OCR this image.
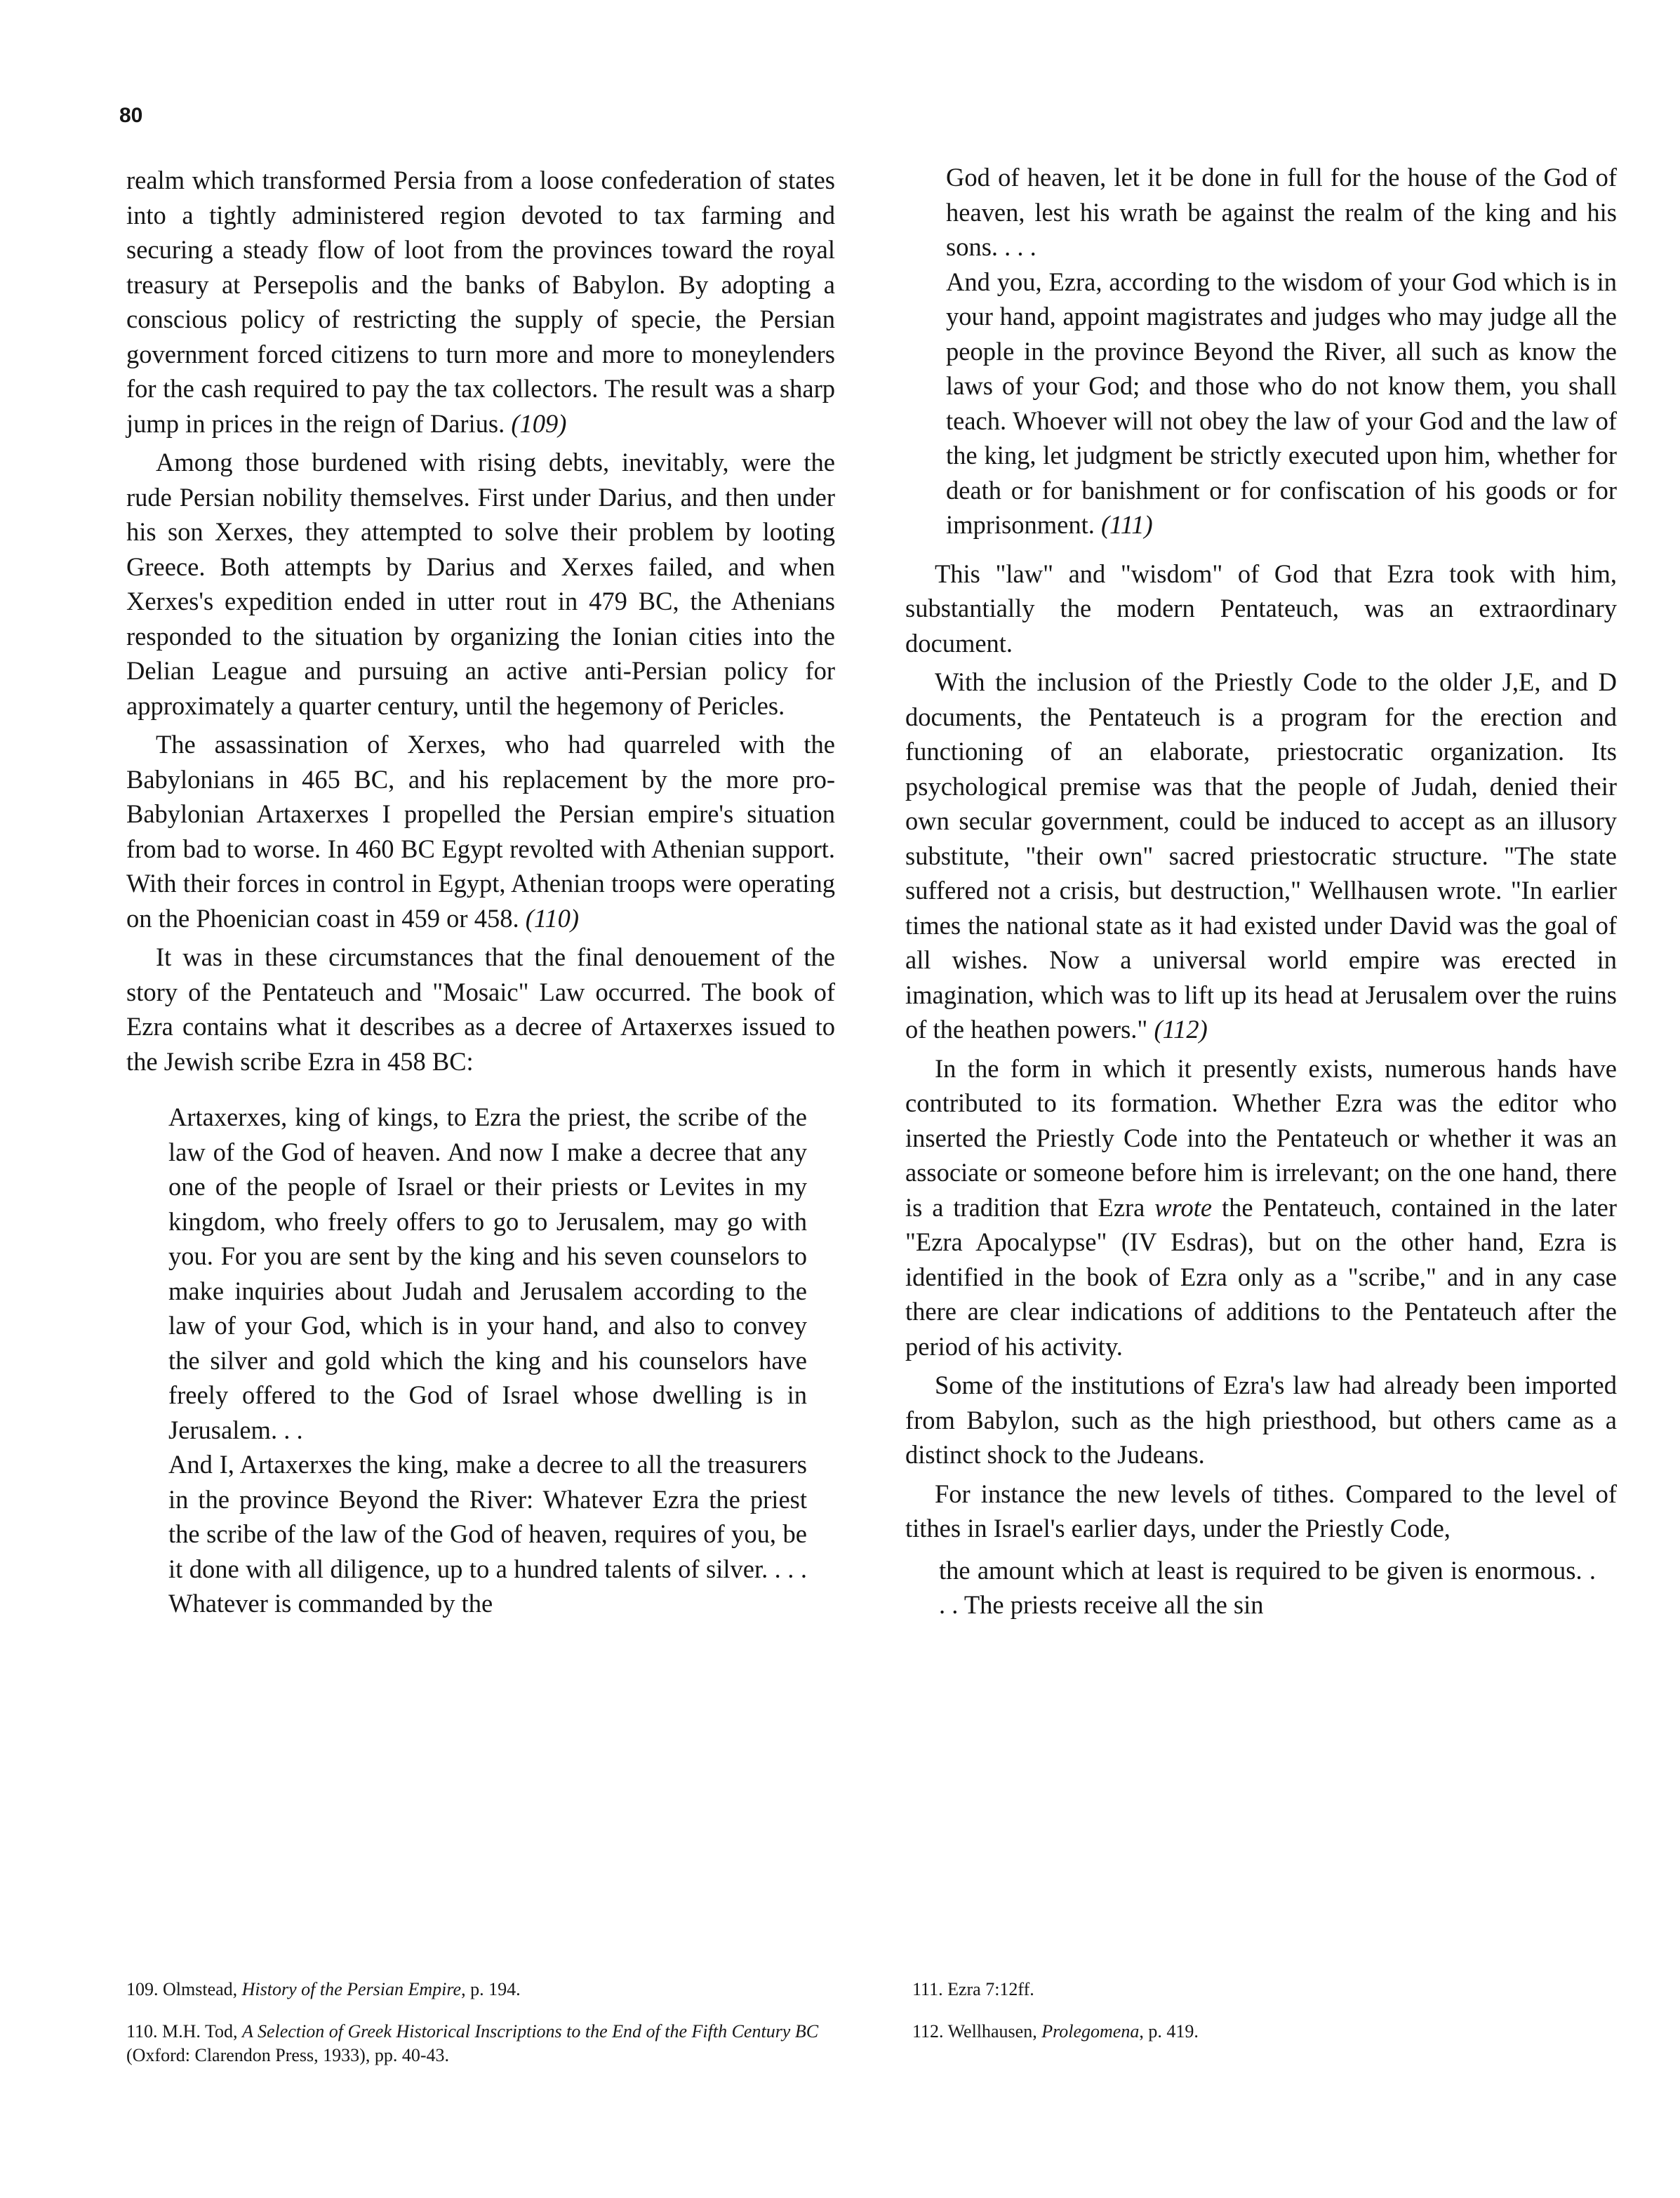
80

realm which transformed Persia from a loose confederation of states into a tightly administered region devoted to tax farming and securing a steady flow of loot from the provinces toward the royal treasury at Persepolis and the banks of Babylon. By adopting a conscious policy of restricting the supply of specie, the Persian government forced citizens to turn more and more to moneylenders for the cash required to pay the tax collectors. The result was a sharp jump in prices in the reign of Darius. (109)

Among those burdened with rising debts, inevitably, were the rude Persian nobility themselves. First under Darius, and then under his son Xerxes, they attempted to solve their problem by looting Greece. Both attempts by Darius and Xerxes failed, and when Xerxes's expedition ended in utter rout in 479 BC, the Athenians responded to the situation by organizing the Ionian cities into the Delian League and pursuing an active anti-Persian policy for approximately a quarter century, until the hegemony of Pericles.

The assassination of Xerxes, who had quarreled with the Babylonians in 465 BC, and his replacement by the more pro-Babylonian Artaxerxes I propelled the Persian empire's situation from bad to worse. In 460 BC Egypt revolted with Athenian support. With their forces in control in Egypt, Athenian troops were operating on the Phoenician coast in 459 or 458. (110)

It was in these circumstances that the final denouement of the story of the Pentateuch and "Mosaic" Law occurred. The book of Ezra contains what it describes as a decree of Artaxerxes issued to the Jewish scribe Ezra in 458 BC:

Artaxerxes, king of kings, to Ezra the priest, the scribe of the law of the God of heaven. And now I make a decree that any one of the people of Israel or their priests or Levites in my kingdom, who freely offers to go to Jerusalem, may go with you. For you are sent by the king and his seven counselors to make inquiries about Judah and Jerusalem according to the law of your God, which is in your hand, and also to convey the silver and gold which the king and his counselors have freely offered to the God of Israel whose dwelling is in Jerusalem. . .

And I, Artaxerxes the king, make a decree to all the treasurers in the province Beyond the River: Whatever Ezra the priest the scribe of the law of the God of heaven, requires of you, be it done with all diligence, up to a hundred talents of silver. . . . Whatever is commanded by the

God of heaven, let it be done in full for the house of the God of heaven, lest his wrath be against the realm of the king and his sons. . . .

And you, Ezra, according to the wisdom of your God which is in your hand, appoint magistrates and judges who may judge all the people in the province Beyond the River, all such as know the laws of your God; and those who do not know them, you shall teach. Whoever will not obey the law of your God and the law of the king, let judgment be strictly executed upon him, whether for death or for banishment or for confiscation of his goods or for imprisonment. (111)

This "law" and "wisdom" of God that Ezra took with him, substantially the modern Pentateuch, was an extraordinary document.

With the inclusion of the Priestly Code to the older J,E, and D documents, the Pentateuch is a program for the erection and functioning of an elaborate, priestocratic organization. Its psychological premise was that the people of Judah, denied their own secular government, could be induced to accept as an illusory substitute, "their own" sacred priestocratic structure. "The state suffered not a crisis, but destruction," Wellhausen wrote. "In earlier times the national state as it had existed under David was the goal of all wishes. Now a universal world empire was erected in imagination, which was to lift up its head at Jerusalem over the ruins of the heathen powers." (112)

In the form in which it presently exists, numerous hands have contributed to its formation. Whether Ezra was the editor who inserted the Priestly Code into the Pentateuch or whether it was an associate or someone before him is irrelevant; on the one hand, there is a tradition that Ezra wrote the Pentateuch, contained in the later "Ezra Apocalypse" (IV Esdras), but on the other hand, Ezra is identified in the book of Ezra only as a "scribe," and in any case there are clear indications of additions to the Pentateuch after the period of his activity.

Some of the institutions of Ezra's law had already been imported from Babylon, such as the high priesthood, but others came as a distinct shock to the Judeans.

For instance the new levels of tithes. Compared to the level of tithes in Israel's earlier days, under the Priestly Code,

the amount which at least is required to be given is enormous. . . . The priests receive all the sin

109. Olmstead, History of the Persian Empire, p. 194.

110. M.H. Tod, A Selection of Greek Historical Inscriptions to the End of the Fifth Century BC (Oxford: Clarendon Press, 1933), pp. 40-43.

111. Ezra 7:12ff.

112. Wellhausen, Prolegomena, p. 419.
